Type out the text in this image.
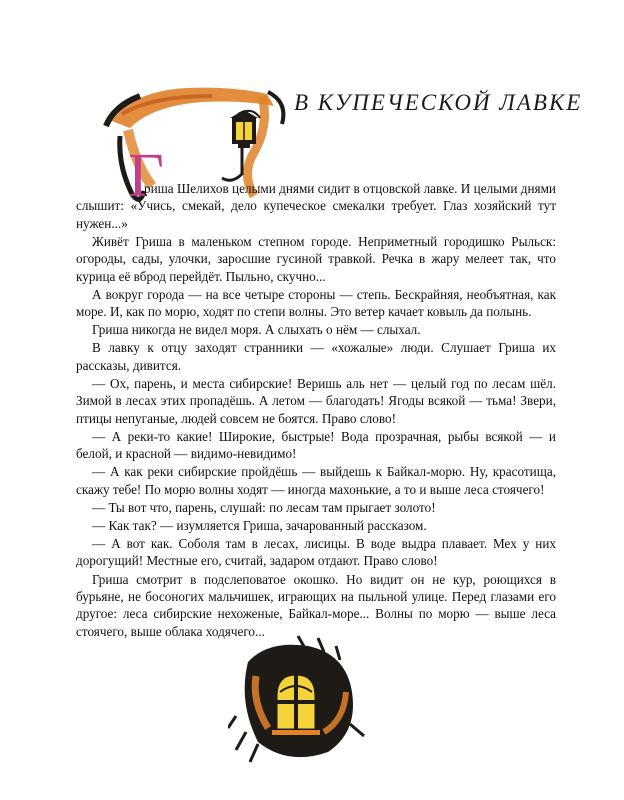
В КУПЕЧЕСКОЙ ЛАВКЕ
Г

риша Шелихов целыми днями сидит в отцовской лавке. И целыми днями слышит: «Учись, смекай, дело купеческое смекалки требует. Глаз хозяйский тут нужен...»

Живёт Гриша в маленьком степном городе. Неприметный городишко Рыльск: огороды, сады, улочки, заросшие гусиной травкой. Речка в жару мелеет так, что курица её вброд перейдёт. Пыльно, скучно...

А вокруг города — на все четыре стороны — степь. Бескрайняя, необъятная, как море. И, как по морю, ходят по степи волны. Это ветер качает ковыль да полынь.

Гриша никогда не видел моря. А слыхать о нём — слыхал.

В лавку к отцу заходят странники — «хожалые» люди. Слушает Гриша их рассказы, дивится.

— Ох, парень, и места сибирские! Веришь аль нет — целый год по лесам шёл. Зимой в лесах этих пропадёшь. А летом — благодать! Ягоды всякой — тьма! Звери, птицы непуганые, людей совсем не боятся. Право слово!

— А реки-то какие! Широкие, быстрые! Вода прозрачная, рыбы всякой — и белой, и красной — видимо-невидимо!

— А как реки сибирские пройдёшь — выйдешь к Байкал-морю. Ну, красотища, скажу тебе! По морю волны ходят — иногда махонькие, а то и выше леса стоячего!

— Ты вот что, парень, слушай: по лесам там прыгает золото!

— Как так? — изумляется Гриша, зачарованный рассказом.

— А вот как. Соболя там в лесах, лисицы. В воде выдра плавает. Мех у них дорогущий! Местные его, считай, задаром отдают. Право слово!

Гриша смотрит в подслеповатое окошко. Но видит он не кур, роющихся в бурьяне, не босоногих мальчишек, играющих на пыльной улице. Перед глазами его другое: леса сибирские нехоженые, Байкал-море... Волны по морю — выше леса стоячего, выше облака ходячего...
